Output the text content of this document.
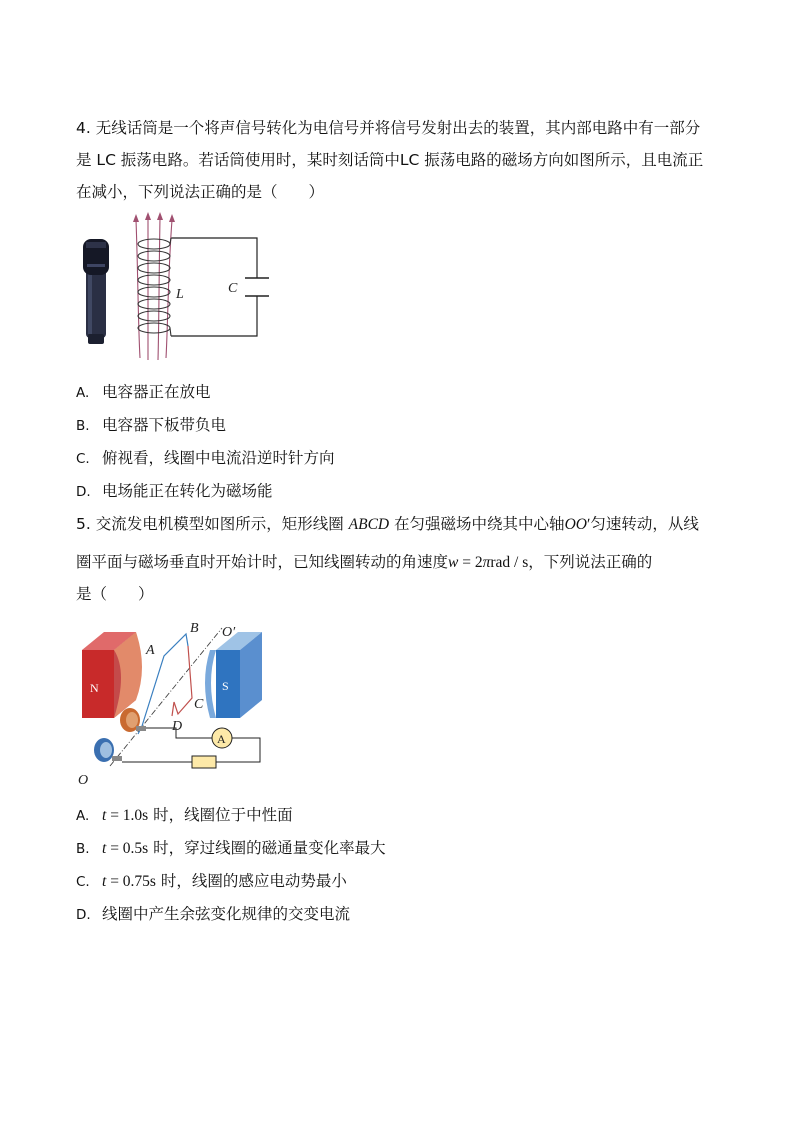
4. 无线话筒是一个将声信号转化为电信号并将信号发射出去的装置，其内部电路中有一部分
是 LC 振荡电路。若话筒使用时，某时刻话筒中LC 振荡电路的磁场方向如图所示，且电流正
在减小，下列说法正确的是（　　）
C
L
A. 电容器正在放电
B. 电容器下板带负电
C. 俯视看，线圈中电流沿逆时针方向
D. 电场能正在转化为磁场能
5. 交流发电机模型如图所示，矩形线圈 ABCD 在匀强磁场中绕其中心轴OOʹ匀速转动，从线
圈平面与磁场垂直时开始计时，已知线圈转动的角速度w = 2πrad / s，下列说法正确的
是（　　）
N	S
A
A
B
C
D
O
O′
A. t = 1.0s 时，线圈位于中性面
B. t = 0.5s 时，穿过线圈的磁通量变化率最大
C. t = 0.75s 时，线圈的感应电动势最小
D. 线圈中产生余弦变化规律的交变电流
